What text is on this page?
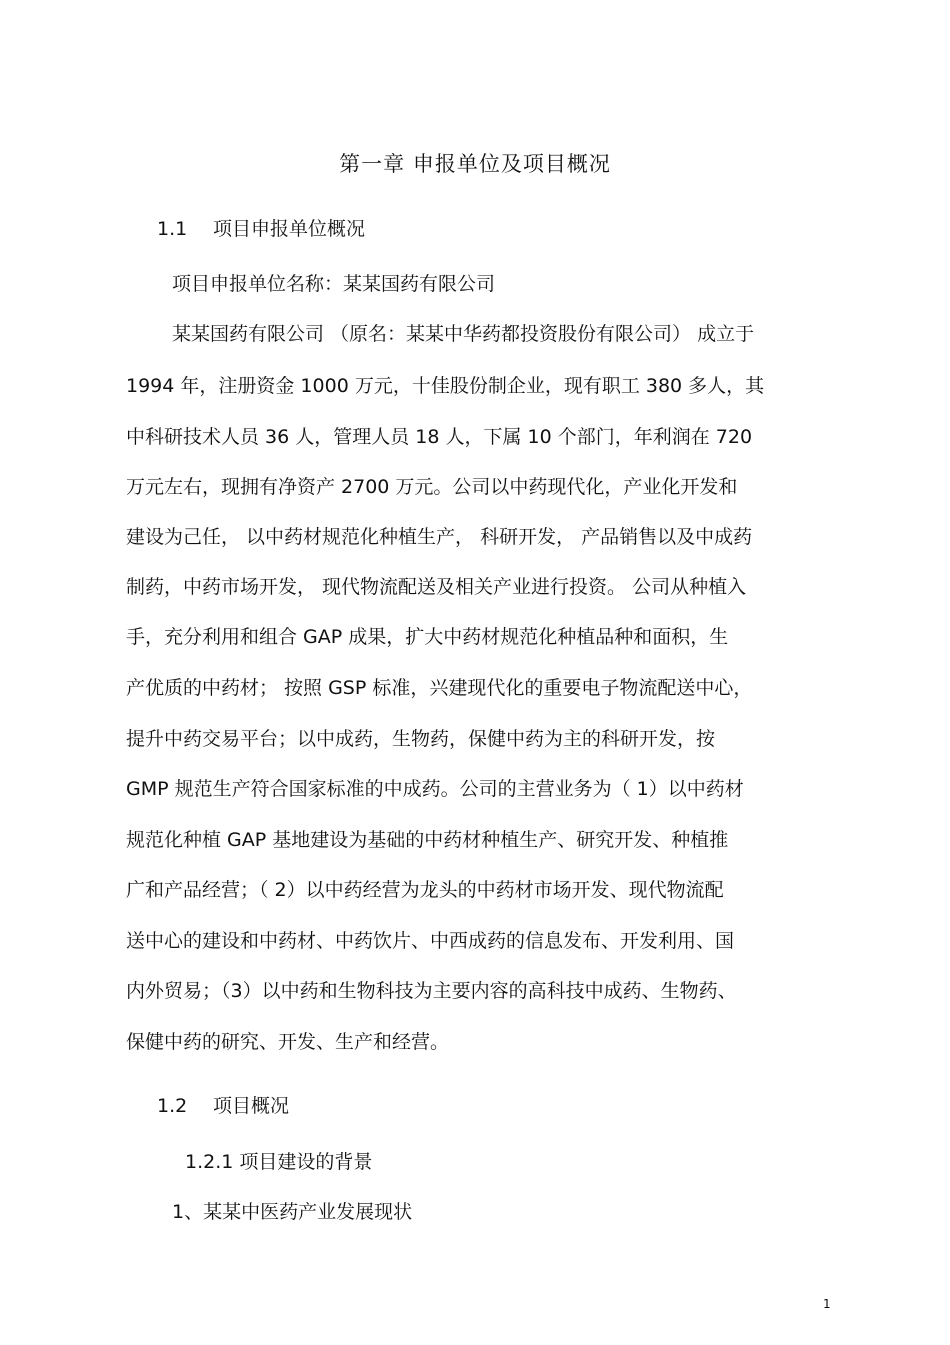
第一章 申报单位及项目概况
1.1 项目申报单位概况
项目申报单位名称：某某国药有限公司
某某国药有限公司 （原名：某某中华药都投资股份有限公司） 成立于
1994 年，注册资金 1000 万元，十佳股份制企业，现有职工 380 多人，其
中科研技术人员 36 人，管理人员 18 人，下属 10 个部门，年利润在 720
万元左右，现拥有净资产 2700 万元。公司以中药现代化，产业化开发和
建设为己任， 以中药材规范化种植生产， 科研开发， 产品销售以及中成药
制药，中药市场开发， 现代物流配送及相关产业进行投资。 公司从种植入
手，充分利用和组合 GAP 成果，扩大中药材规范化种植品种和面积，生
产优质的中药材； 按照 GSP 标准，兴建现代化的重要电子物流配送中心，
提升中药交易平台；以中成药，生物药，保健中药为主的科研开发，按
GMP 规范生产符合国家标准的中成药。公司的主营业务为（ 1）以中药材
规范化种植 GAP 基地建设为基础的中药材种植生产、研究开发、种植推
广和产品经营；（ 2）以中药经营为龙头的中药材市场开发、现代物流配
送中心的建设和中药材、中药饮片、中西成药的信息发布、开发利用、国
内外贸易；（3）以中药和生物科技为主要内容的高科技中成药、生物药、
保健中药的研究、开发、生产和经营。
1.2 项目概况
1.2.1 项目建设的背景
1、某某中医药产业发展现状
1
